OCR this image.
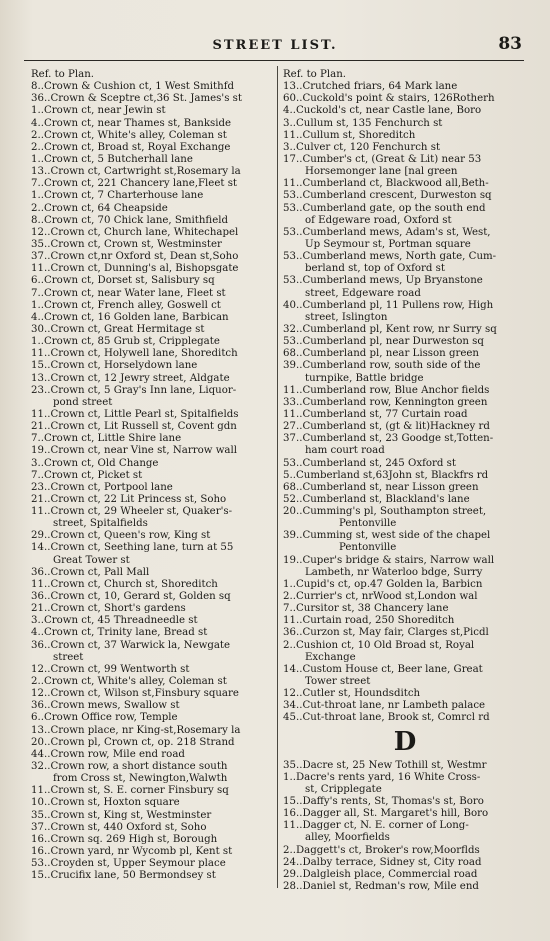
STREET LIST.	83
Ref. to Plan.
8..Crown & Cushion ct, 1 West Smithfd
36..Crown & Sceptre ct,36 St. James's st
1..Crown ct, near Jewin st
4..Crown ct, near Thames st, Bankside
2..Crown ct, White's alley, Coleman st
2..Crown ct, Broad st, Royal Exchange
1..Crown ct, 5 Butcherhall lane
13..Crown ct, Cartwright st,Rosemary la
7..Crown ct, 221 Chancery lane,Fleet st
1..Crown ct, 7 Charterhouse lane
2..Crown ct, 64 Cheapside
8..Crown ct, 70 Chick lane, Smithfield
12..Crown ct, Church lane, Whitechapel
35..Crown ct, Crown st, Westminster
37..Crown ct,nr Oxford st, Dean st,Soho
11..Crown ct, Dunning's al, Bishopsgate
6..Crown ct, Dorset st, Salisbury sq
7..Crown ct, near Water lane, Fleet st
1..Crown ct, French alley, Goswell ct
4..Crown ct, 16 Golden lane, Barbican
30..Crown ct, Great Hermitage st
1..Crown ct, 85 Grub st, Cripplegate
11..Crown ct, Holywell lane, Shoreditch
15..Crown ct, Horselydown lane
13..Crown ct, 12 Jewry street, Aldgate
23..Crown ct, 5 Gray's Inn lane, Liquor-
pond street
11..Crown ct, Little Pearl st, Spitalfields
21..Crown ct, Lit Russell st, Covent gdn
7..Crown ct, Little Shire lane
19..Crown ct, near Vine st, Narrow wall
3..Crown ct, Old Change
7..Crown ct, Picket st
23..Crown ct, Portpool lane
21..Crown ct, 22 Lit Princess st, Soho
11..Crown ct, 29 Wheeler st, Quaker's-
street, Spitalfields
29..Crown ct, Queen's row, King st
14..Crown ct, Seething lane, turn at 55
Great Tower st
36..Crown ct, Pall Mall
11..Crown ct, Church st, Shoreditch
36..Crown ct, 10, Gerard st, Golden sq
21..Crown ct, Short's gardens
3..Crown ct, 45 Threadneedle st
4..Crown ct, Trinity lane, Bread st
36..Crown ct, 37 Warwick la, Newgate
street
12..Crown ct, 99 Wentworth st
2..Crown ct, White's alley, Coleman st
12..Crown ct, Wilson st,Finsbury square
36..Crown mews, Swallow st
6..Crown Office row, Temple
13..Crown place, nr King-st,Rosemary la
20..Crown pl, Crown ct, op. 218 Strand
44..Crown row, Mile end road
32..Crown row, a short distance south
from Cross st, Newington,Walwth
11..Crown st, S. E. corner Finsbury sq
10..Crown st, Hoxton square
35..Crown st, King st, Westminster
37..Crown st, 440 Oxford st, Soho
16..Crown sq. 269 High st, Borough
16..Crown yard, nr Wycomb pl, Kent st
53..Croyden st, Upper Seymour place
15..Crucifix lane, 50 Bermondsey st
Ref. to Plan.
13..Crutched friars, 64 Mark lane
60..Cuckold's point & stairs, 126Rotherh
4..Cuckold's ct, near Castle lane, Boro
3..Cullum st, 135 Fenchurch st
11..Cullum st, Shoreditch
3..Culver ct, 120 Fenchurch st
17..Cumber's ct, (Great & Lit) near 53
Horsemonger lane [nal green
11..Cumberland ct, Blackwood all,Beth-
53..Cumberland crescent, Durweston sq
53..Cumberland gate, op the south end
of Edgeware road, Oxford st
53..Cumberland mews, Adam's st, West,
Up Seymour st, Portman square
53..Cumberland mews, North gate, Cum-
berland st, top of Oxford st
53..Cumberland mews, Up Bryanstone
street, Edgeware road
40..Cumberland pl, 11 Pullens row, High
street, Islington
32..Cumberland pl, Kent row, nr Surry sq
53..Cumberland pl, near Durweston sq
68..Cumberland pl, near Lisson green
39..Cumberland row, south side of the
turnpike, Battle bridge
11..Cumberland row, Blue Anchor fields
33..Cumberland row, Kennington green
11..Cumberland st, 77 Curtain road
27..Cumberland st, (gt & lit)Hackney rd
37..Cumberland st, 23 Goodge st,Totten-
ham court road
53..Cumberland st, 245 Oxford st
5..Cumberland st,63John st, Blackfrs rd
68..Cumberland st, near Lisson green
52..Cumberland st, Blackland's lane
20..Cumming's pl, Southampton street,
Pentonville
39..Cumming st, west side of the chapel
Pentonville
19..Cuper's bridge & stairs, Narrow wall
Lambeth, nr Waterloo bdge, Surry
1..Cupid's ct, op.47 Golden la, Barbicn
2..Currier's ct, nrWood st,London wal
7..Cursitor st, 38 Chancery lane
11..Curtain road, 250 Shoreditch
36..Curzon st, May fair, Clarges st,Picdl
2..Cushion ct, 10 Old Broad st, Royal
Exchange
14..Custom House ct, Beer lane, Great
Tower street
12..Cutler st, Houndsditch
34..Cut-throat lane, nr Lambeth palace
45..Cut-throat lane, Brook st, Comrcl rd
D
35..Dacre st, 25 New Tothill st, Westmr
1..Dacre's rents yard, 16 White Cross-
st, Cripplegate
15..Daffy's rents, St, Thomas's st, Boro
16..Dagger all, St. Margaret's hill, Boro
11..Dagger ct, N. E. corner of Long-
alley, Moorfields
2..Daggett's ct, Broker's row,Moorflds
24..Dalby terrace, Sidney st, City road
29..Dalgleish place, Commercial road
28..Daniel st, Redman's row, Mile end
